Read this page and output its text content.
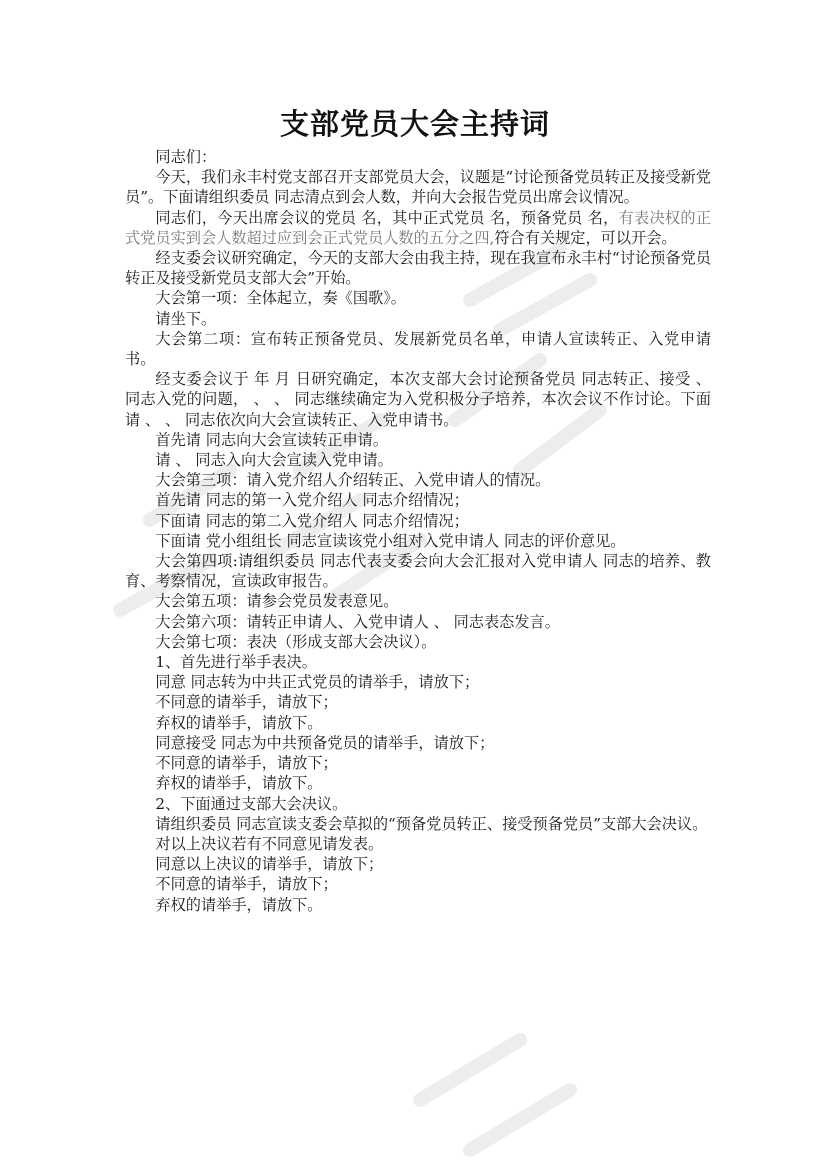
支部党员大会主持词

同志们：

今天，我们永丰村党支部召开支部党员大会，议题是“讨论预备党员转正及接受新党员”。下面请组织委员 同志清点到会人数，并向大会报告党员出席会议情况。

同志们，今天出席会议的党员 名，其中正式党员 名，预备党员 名，有表决权的正式党员实到会人数超过应到会正式党员人数的五分之四,符合有关规定，可以开会。

经支委会议研究确定，今天的支部大会由我主持，现在我宣布永丰村“讨论预备党员转正及接受新党员支部大会”开始。

大会第一项：全体起立，奏《国歌》。

请坐下。

大会第二项：宣布转正预备党员、发展新党员名单，申请人宣读转正、入党申请书。

经支委会议于 年 月 日研究确定，本次支部大会讨论预备党员 同志转正、接受 、 同志入党的问题， 、 、 同志继续确定为入党积极分子培养，本次会议不作讨论。下面请 、 、 同志依次向大会宣读转正、入党申请书。

首先请 同志向大会宣读转正申请。

请 、 同志入向大会宣读入党申请。

大会第三项：请入党介绍人介绍转正、入党申请人的情况。

首先请 同志的第一入党介绍人 同志介绍情况；

下面请 同志的第二入党介绍人 同志介绍情况；

下面请 党小组组长 同志宣读该党小组对入党申请人 同志的评价意见。

大会第四项:请组织委员 同志代表支委会向大会汇报对入党申请人 同志的培养、教育、考察情况，宣读政审报告。

大会第五项：请参会党员发表意见。

大会第六项：请转正申请人、入党申请人 、 同志表态发言。

大会第七项：表决（形成支部大会决议）。

1、首先进行举手表决。

同意 同志转为中共正式党员的请举手，请放下；

不同意的请举手，请放下；

弃权的请举手，请放下。

同意接受 同志为中共预备党员的请举手，请放下；

不同意的请举手，请放下；

弃权的请举手，请放下。

2、下面通过支部大会决议。

请组织委员 同志宣读支委会草拟的“预备党员转正、接受预备党员”支部大会决议。

对以上决议若有不同意见请发表。

同意以上决议的请举手，请放下；

不同意的请举手，请放下；

弃权的请举手，请放下。
